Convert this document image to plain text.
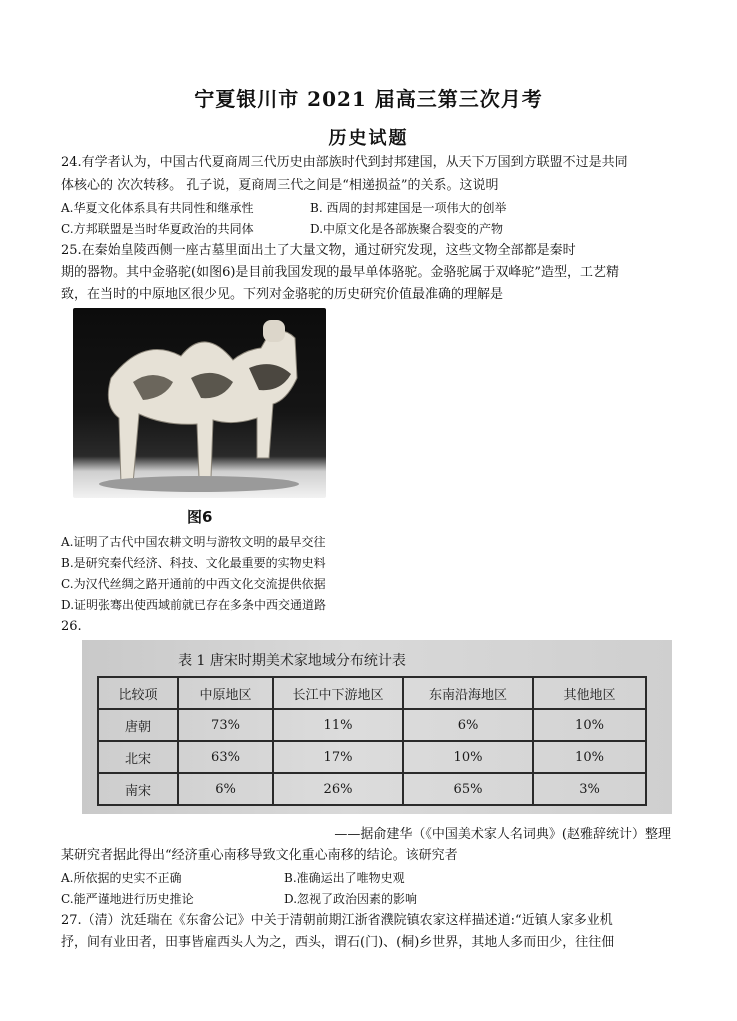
宁夏银川市 2021 届高三第三次月考
历史试题
24.有学者认为，中国古代夏商周三代历史由部族时代到封邦建国，从天下万国到方联盟不过是共同
体核心的 次次转移。 孔子说，夏商周三代之间是“相递损益”的关系。这说明
A.华夏文化体系具有共同性和继承性	B. 西周的封邦建国是一项伟大的创举
C.方邦联盟是当时华夏政治的共同体	D.中原文化是各部族聚合裂变的产物
25.在秦始皇陵西侧一座古墓里面出土了大量文物，通过研究发现，这些文物全部都是秦时
期的器物。其中金骆驼(如图6)是目前我国发现的最早单体骆驼。金骆驼属于双峰驼”造型，工艺精
致，在当时的中原地区很少见。下列对金骆驼的历史研究价值最准确的理解是
图6
A.证明了古代中国农耕文明与游牧文明的最早交往
B.是研究秦代经济、科技、文化最重要的实物史料
C.为汉代丝绸之路开通前的中西文化交流提供依据
D.证明张骞出使西域前就已存在多条中西交通道路
26.
表 1 唐宋时期美术家地域分布统计表
比较项	中原地区	长江中下游地区	东南沿海地区	其他地区
唐朝	73%	11%	6%	10%
北宋	63%	17%	10%	10%
南宋	6%	26%	65%	3%
——据俞建华（《中国美术家人名词典》(赵雅辞统计）整理
某研究者据此得出“经济重心南移导致文化重心南移的结论。该研究者
A.所依据的史实不正确	B.准确运出了唯物史观
C.能严谨地进行历史推论	D.忽视了政治因素的影响
27.（清）沈廷瑞在《东畲公记》中关于清朝前期江浙省濮院镇农家这样描述道:“近镇人家多业机
抒，间有业田者，田事皆雇西头人为之，西头，谓石(门)、(桐)乡世界，其地人多而田少，往往佃
